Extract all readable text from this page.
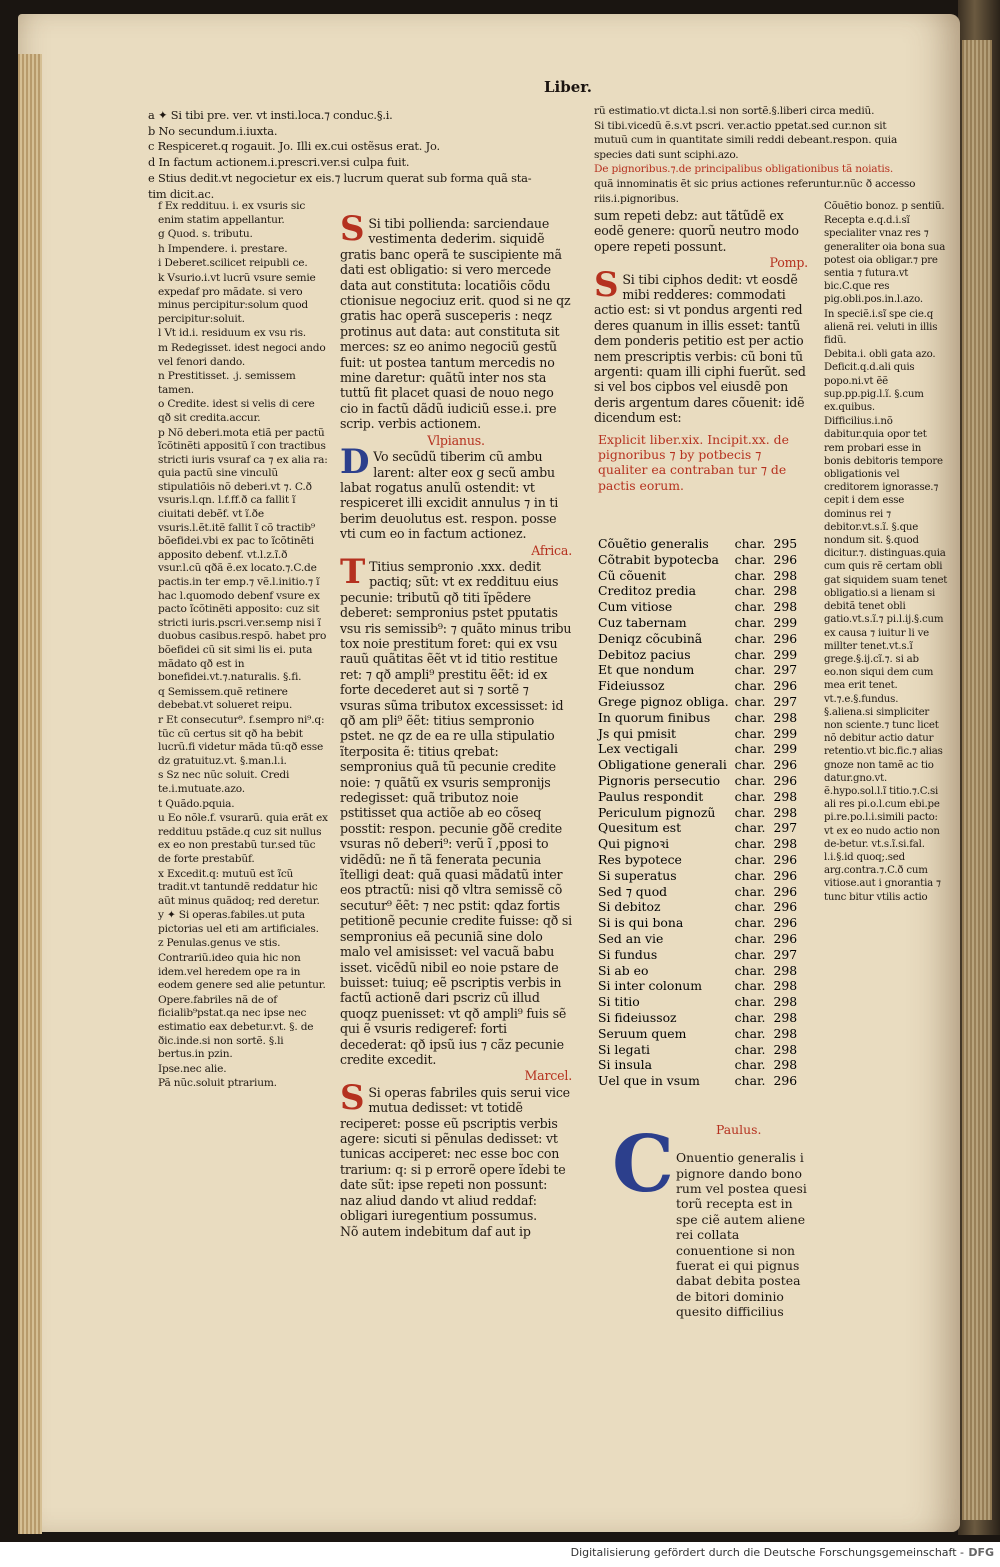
Liber.

a ✦ Si tibi pre. ver. vt insti.loca.⁊ conduc.§.i.

b No secundum.i.iuxta.

c Respiceret.q rogauit. Jo. Illi ex.cui ostẽsus erat. Jo.

d In factum actionem.i.prescri.ver.si culpa fuit.

e Stius dedit.vt negocietur ex eis.⁊ lucrum querat sub forma quã sta-

tim dicit.ac.

rũ estimatio.vt dicta.l.si non sortẽ.§.liberi circa mediũ.

Si tibi.vicedũ ẽ.s.vt pscri. ver.actio ppetat.sed cur.non sit

mutuũ cum in quantitate simili reddi debeant.respon. quia

species dati sunt sciphi.azo.

De pignoribus.⁊.de principalibus obligationibus tã noiatis.

quã innominatis ẽt sic prius actiones referuntur.nũc ð accesso

riis.i.pignoribus.

f Ex reddituu. i. ex vsuris sic enim statim appellantur.

g Quod. s. tributu.

h Impendere. i. prestare.

i Deberet.scilicet reipubli ce.

k Vsurio.i.vt lucrũ vsure semie expedaf pro mãdate. si vero minus percipitur:solum quod percipitur:soluit.

l Vt id.i. residuum ex vsu ris.

m Redegisset. idest negoci ando vel fenori dando.

n Prestitisset. .j. semissem tamen.

o Credite. idest si velis di cere qð sit credita.accur.

p Nõ deberi.mota etiã per pactũ ĩcõtinẽti appositũ ĩ con tractibus stricti iuris vsuraf ca ⁊ ex alia ra: quia pactũ sine vinculũ stipulatiõis nõ deberi.vt ⁊. C.ð vsuris.l.qn. l.f.ff.ð ca fallit ĩ ciuitati debẽf. vt ĩ.ðe vsuris.l.ẽt.itẽ fallit ĩ cõ tractib⁹ bõefidei.vbi ex pac to ĩcõtinẽti apposito debenf. vt.l.z.ĩ.ð vsur.l.cũ qðã ẽ.ex locato.⁊.C.de pactis.in ter emp.⁊ vẽ.l.initio.⁊ ĩ hac l.quomodo debenf vsure ex pacto ĩcõtinẽti apposito: cuz sit stricti iuris.pscri.ver.semp nisi ĩ duobus casibus.respõ. habet pro bõefidei cũ sit simi lis ei. puta mãdato qð est in bonefidei.vt.⁊.naturalis. §.fi.

q Semissem.quẽ retinere debebat.vt solueret reipu.

r Et consecutur⁹. f.sempro ni⁹.q: tũc cũ certus sit qð ha bebit lucrũ.fi videtur mãda tũ:qð esse dz gratuituz.vt. §.man.l.i.

s Sz nec nũc soluit. Credi te.i.mutuate.azo.

t Quãdo.pquia.

u Eo nõle.f. vsurarũ. quia erãt ex reddituu pstãde.q cuz sit nullus ex eo non prestabũ tur.sed tũc de forte prestabũf.

x Excedit.q: mutuũ est ĩcũ tradit.vt tantundẽ reddatur hic aũt minus quãdoq; red deretur.

y ✦ Si operas.fabiles.ut puta pictorias uel eti am artificiales.

z Penulas.genus ve stis.

Contrariũ.ideo quia hic non idem.vel heredem ope ra in eodem genere sed alie petuntur.

Opere.fabriles nã de of ficialib⁹pstat.qa nec ipse nec estimatio eax debetur.vt. §. de ðic.inde.si non sortẽ. §.li bertus.in pzin.

Ipse.nec alie.

Pã nũc.soluit ptrarium.

S Si tibi pollienda: sarciendaue vestimenta dederim. siquidẽ gratis banc operã te suscipiente mã dati est obligatio: si vero mercede data aut constituta: locatiõis cõdu ctionisue negociuz erit. quod si ne qz gratis hac operã susceperis : neqz protinus aut data: aut constituta sit merces: sz eo animo negociũ gestũ fuit: ut postea tantum mercedis no mine daretur: quãtũ inter nos sta tuttũ fit placet quasi de nouo nego cio in factũ dãdũ iudiciũ esse.i. pre scrip. verbis actionem.

Vlpianus.

D Vo secũdũ tiberim cũ ambu larent: alter eox g secũ ambu labat rogatus anulũ ostendit: vt respiceret illi excidit annulus ⁊ in ti berim deuolutus est. respon. posse vti cum eo in factum actionez.

Africa.

T Titius sempronio .xxx. dedit pactiq; sũt: vt ex reddituu eius pecunie: tributũ qð titi ĩpẽdere deberet: sempronius pstet pputatis vsu ris semissib⁹: ⁊ quãto minus tribu tox noie prestitum foret: qui ex vsu rauũ quãtitas ẽẽt vt id titio restitue ret: ⁊ qð ampli⁹ prestitu ẽẽt: id ex forte decederet aut si ⁊ sortẽ ⁊ vsuras sũma tributox excessisset: id qð am pli⁹ ẽẽt: titius sempronio pstet. ne qz de ea re ulla stipulatio ĩterposita ẽ: titius qrebat: sempronius quã tũ pecunie credite noie: ⁊ quãtũ ex vsuris sempronijs redegisset: quã tributoz noie pstitisset qua actiõe ab eo cõseq posstit: respon. pecunie gðẽ credite vsuras nõ deberi⁹: verũ ĩ ,pposi to vidẽdũ: ne ñ tã fenerata pecunia ĩtelligi deat: quã quasi mãdatũ inter eos ptractũ: nisi qð vltra semissẽ cõ secutur⁹ ẽẽt: ⁊ nec pstit: qdaz fortis petitionẽ pecunie credite fuisse: qð si sempronius eã pecuniã sine dolo malo vel amisisset: vel vacuã babu isset. vicẽdũ nibil eo noie pstare de buisset: tuiuq; eẽ pscriptis verbis in factũ actionẽ dari pscriz cũ illud quoqz puenisset: vt qð ampli⁹ fuis sẽ qui ẽ vsuris redigeref: forti decederat: qð ipsũ ius ⁊ cãz pecunie credite excedit.

Marcel.

S Si operas fabriles quis serui vice mutua dedisset: vt totidẽ reciperet: posse eũ pscriptis verbis agere: sicuti si pẽnulas dedisset: vt tunicas acciperet: nec esse boc con trarium: q: si p errorẽ opere ĩdebi te date sũt: ipse repeti non possunt: naz aliud dando vt aliud reddaf: obligari iuregentium possumus.

Nõ autem indebitum daf aut ip

sum repeti debz: aut tãtũdẽ ex eodẽ genere: quorũ neutro modo opere repeti possunt.

Pomp.

S Si tibi ciphos dedit: vt eosdẽ mibi redderes: commodati actio est: si vt pondus argenti red deres quanum in illis esset: tantũ dem ponderis petitio est per actio nem prescriptis verbis: cũ boni tũ argenti: quam illi ciphi fuerũt. sed si vel bos cipbos vel eiusdẽ pon deris argentum dares cõuenit: idẽ dicendum est:

Explicit liber.xix. Incipit.xx. de pignoribus ⁊ by potbecis ⁊ qualiter ea contraban tur ⁊ de pactis eorum.
Cõuẽtio generalis	char.	295
Cõtrabit bypotecba	char.	296
Cũ cõuenit	char.	298
Creditoz predia	char.	298
Cum vitiose	char.	298
Cuz tabernam	char.	299
Deniqz cõcubinã	char.	296
Debitoz pacius	char.	299
Et que nondum	char.	297
Fideiussoz	char.	296
Grege pignoz obliga.	char.	297
In quorum finibus	char.	298
Js qui pmisit	char.	299
Lex vectigali	char.	299
Obligatione generali	char.	296
Pignoris persecutio	char.	296
Paulus respondit	char.	298
Periculum pignozũ	char.	298
Quesitum est	char.	297
Qui pignoꝛi	char.	298
Res bypotece	char.	296
Si superatus	char.	296
Sed ⁊ quod	char.	296
Si debitoz	char.	296
Si is qui bona	char.	296
Sed an vie	char.	296
Si fundus	char.	297
Si ab eo	char.	298
Si inter colonum	char.	298
Si titio	char.	298
Si fideiussoz	char.	298
Seruum quem	char.	298
Si legati	char.	298
Si insula	char.	298
Uel que in vsum	char.	296

Paulus.

Onuentio generalis i pignore dando bono rum vel postea quesi torũ recepta est in spe ciẽ autem aliene rei collata conuentione si non fuerat ei qui pignus dabat debita postea de bitori dominio quesito difficilius

C

Cõuẽtio bonoz. p sentiũ.

Recepta e.q.d.i.sĩ specialiter vnaz res ⁊ generaliter oia bona sua potest oia obligar.⁊ pre sentia ⁊ futura.vt bic.C.que res pig.obli.pos.in.l.azo.

In speciẽ.i.sĩ spe cie.q alienã rei. veluti in illis fidũ.

Debita.i. obli gata azo. Deficit.q.d.ali quis popo.ni.vt ẽẽ sup.pp.pig.l.ĩ. §.cum ex.quibus.

Difficilius.i.nõ dabitur.quia opor tet rem probari esse in bonis debitoris tempore obligationis vel creditorem ignorasse.⁊ cepit i dem esse dominus rei ⁊ debitor.vt.s.ĩ. §.que nondum sit. §.quod dicitur.⁊. distinguas.quia cum quis rẽ certam obli gat siquidem suam tenet obligatio.si a lienam si debitã tenet obli gatio.vt.s.ĩ.⁊ pi.l.ij.§.cum ex causa ⁊ iuitur li ve millter tenet.vt.s.ĩ grege.§.ij.cĩ.⁊. si ab eo.non siqui dem cum mea erit tenet. vt.⁊.e.§.fundus. §.aliena.si simpliciter non sciente.⁊ tunc licet nõ debitur actio datur retentio.vt bic.fic.⁊ alias gnoze non tamẽ ac tio datur.gno.vt. ẽ.hypo.sol.l.ĩ titio.⁊.C.si ali res pi.o.l.cum ebi.pe pi.re.po.l.i.simili pacto: vt ex eo nudo actio non de-betur. vt.s.ĩ.si.fal. l.i.§.id quoq;.sed arg.contra.⁊.C.ð cum vitiose.aut i gnorantia ⁊ tunc bitur vtilis actio

Digitalisierung gefördert durch die Deutsche Forschungsgemeinschaft - DFG
